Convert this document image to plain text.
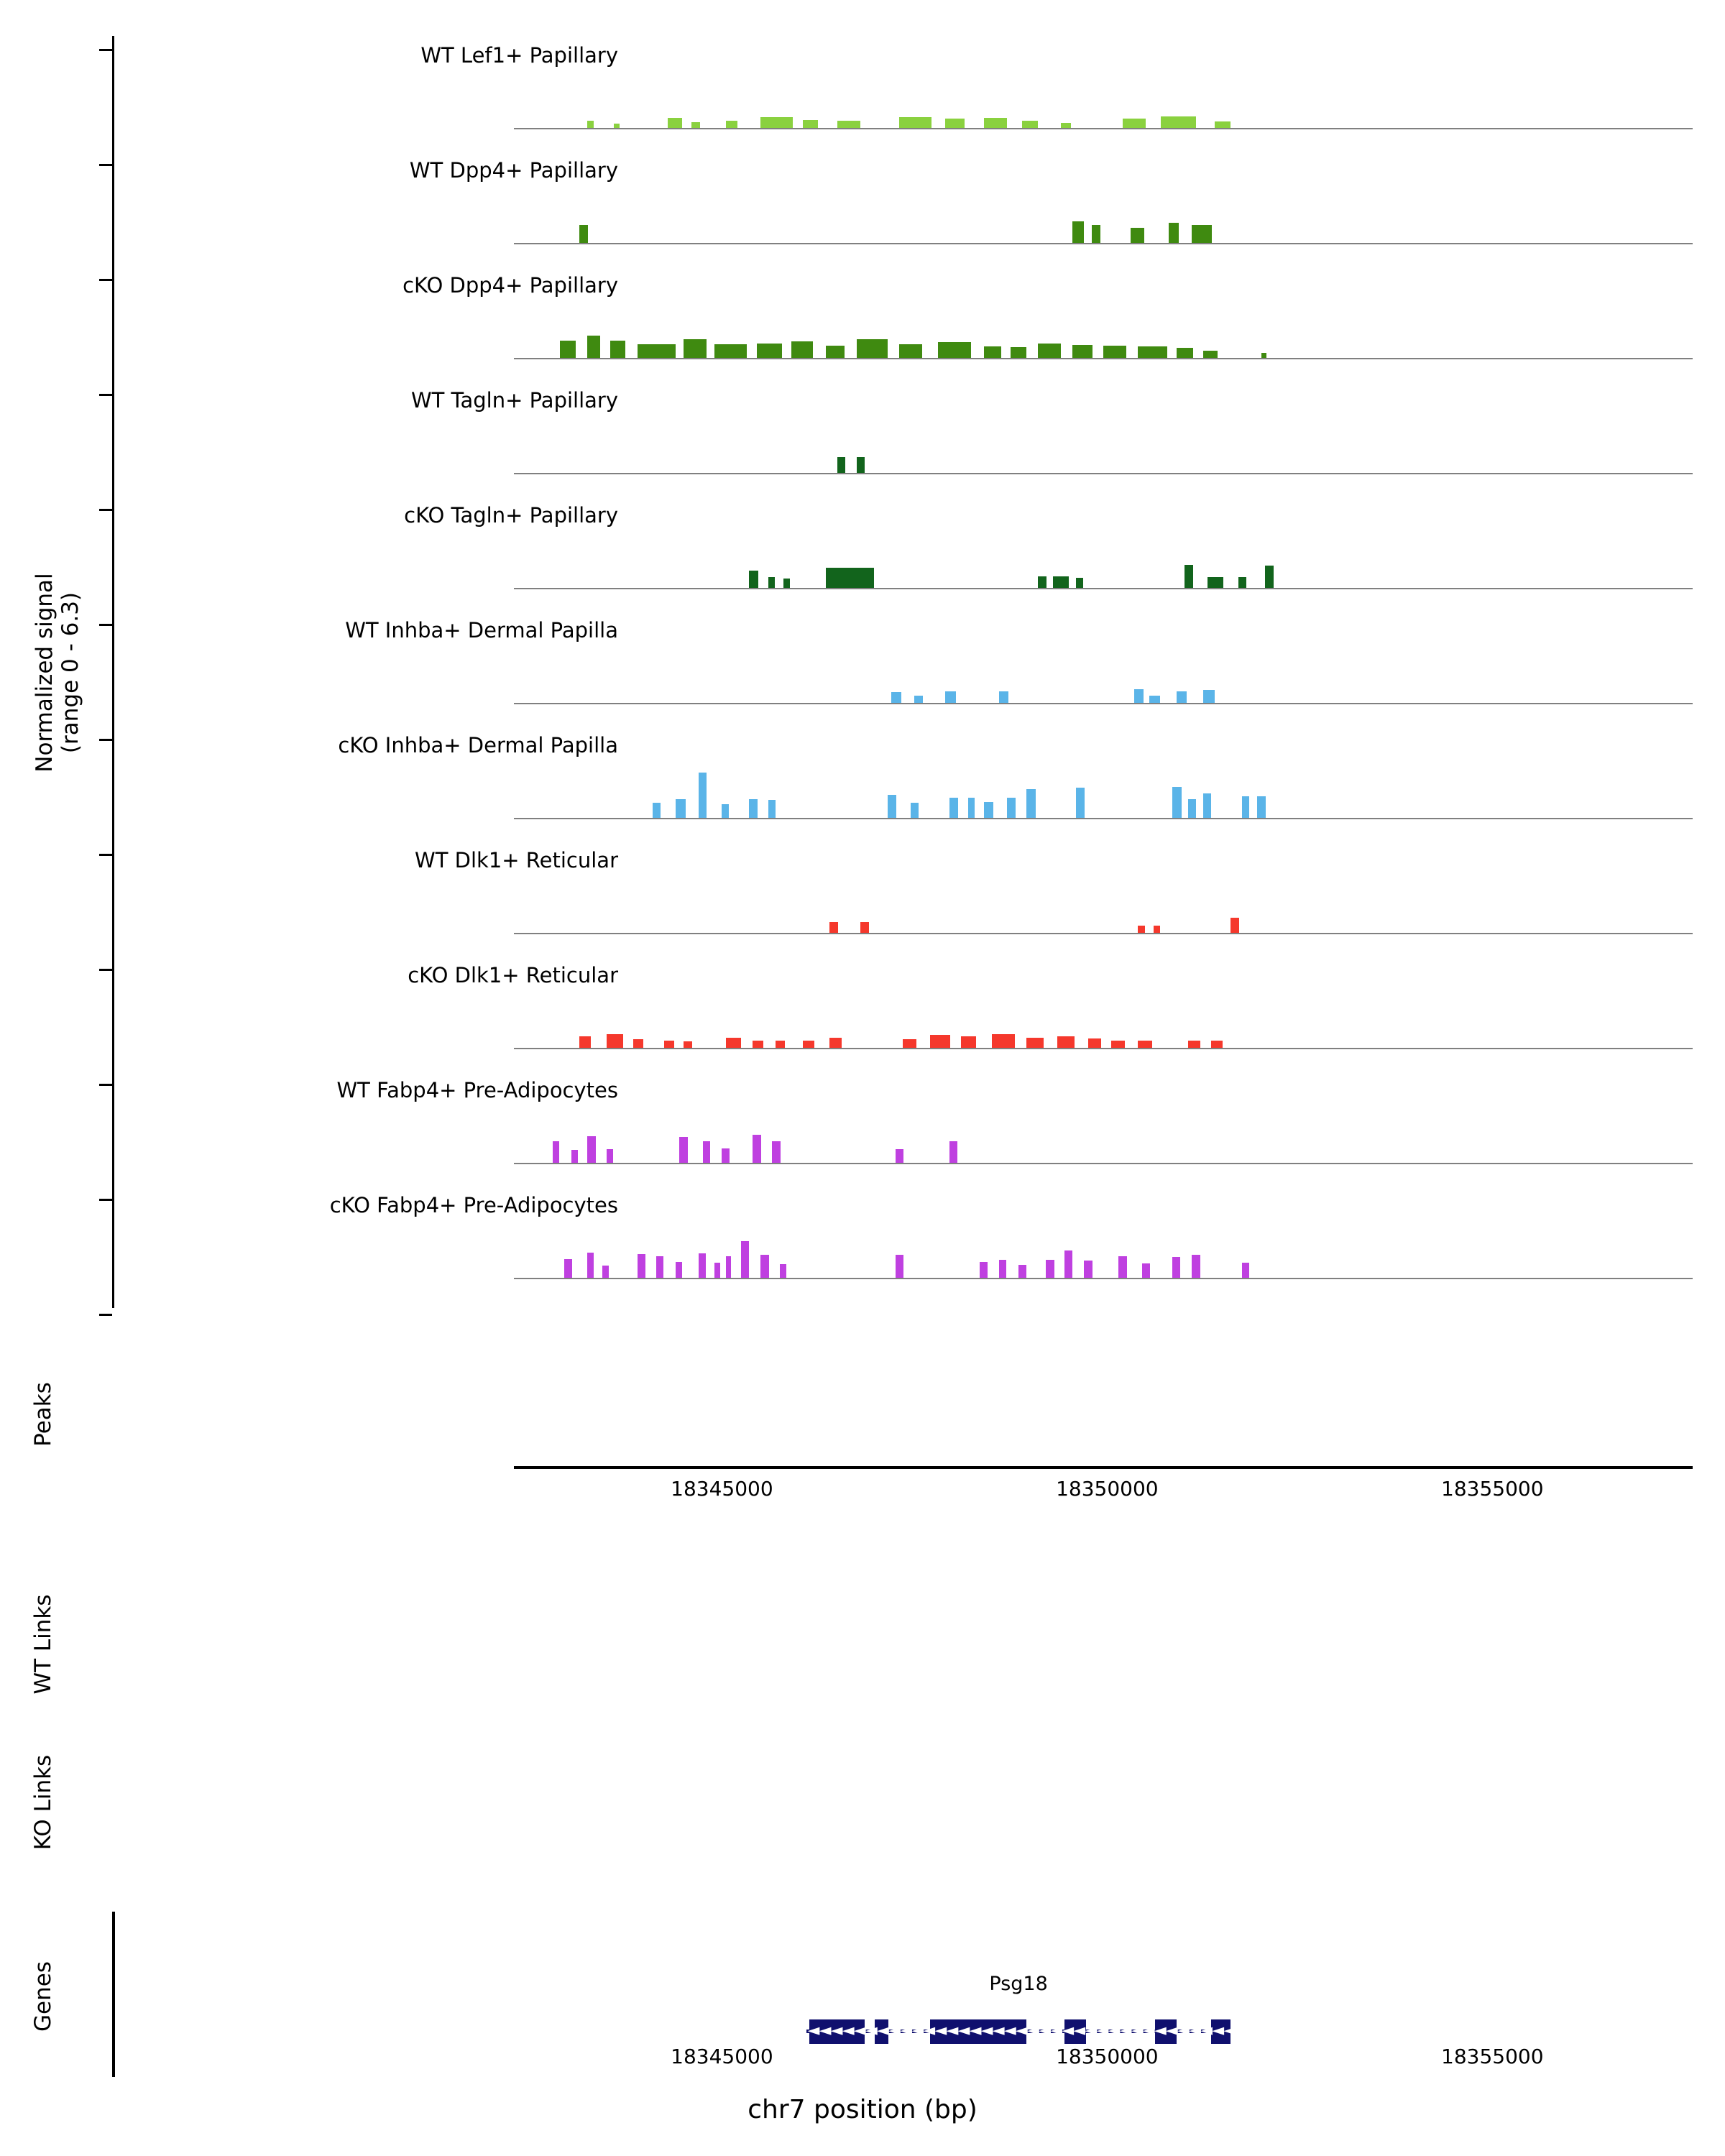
Normalized signal (range 0 - 6.3)
WT Lef1+ Papillary
WT Dpp4+ Papillary
cKO Dpp4+ Papillary
WT Tagln+ Papillary
cKO Tagln+ Papillary
WT Inhba+ Dermal Papilla
cKO Inhba+ Dermal Papilla
WT Dlk1+ Reticular
cKO Dlk1+ Reticular
WT Fabp4+ Pre-Adipocytes
cKO Fabp4+ Pre-Adipocytes
Peaks
WT Links
KO Links
Genes
18345000	18350000	18355000
Psg18
◄ ◄ ◄ ◄ ◄ ◄ ◄ ◄ ◄ ◄ ◄ ◄ ◄ ◄ ◄ ◄ ◄ ◄ ◄ ◄ ◄ ◄ ◄ ◄ ◄ ◄ ◄ ◄ ◄ ◄ ◄ ◄ ◄ ◄ ◄ ◄ ◄
18345000	18350000	18355000
chr7 position (bp)
